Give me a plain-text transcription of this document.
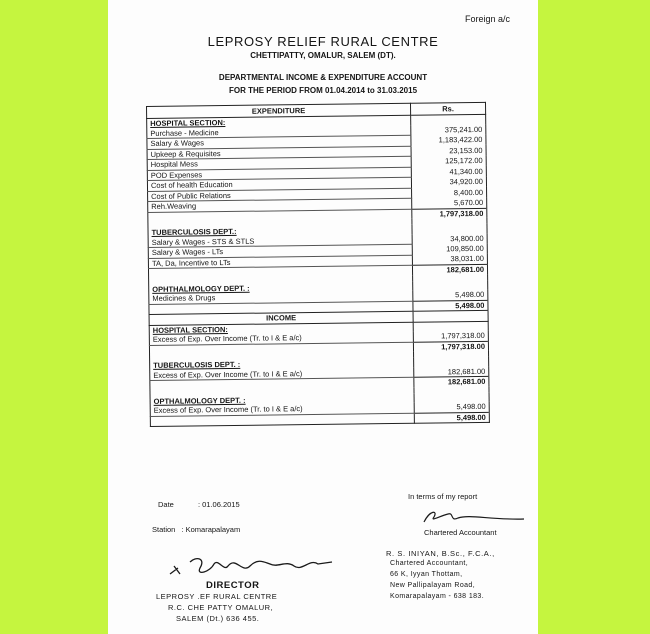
Foreign a/c
LEPROSY RELIEF RURAL CENTRE
CHETTIPATTY, OMALUR, SALEM (DT).
DEPARTMENTAL INCOME & EXPENDITURE ACCOUNT
FOR THE PERIOD FROM 01.04.2014 to 31.03.2015
EXPENDITURE	Rs.
HOSPITAL SECTION:	
Purchase - Medicine	375,241.00
Salary & Wages	1,183,422.00
Upkeep & Requisites	23,153.00
Hospital Mess	125,172.00
POD Expenses	41,340.00
Cost of health Education	34,920.00
Cost of Public Relations	8,400.00
Reh.Weaving	5,670.00
	1,797,318.00

TUBERCULOSIS DEPT.:	
Salary & Wages - STS & STLS	34,800.00
Salary & Wages - LTs	109,850.00
TA, Da, Incentive to LTs	38,031.00
	182,681.00

OPHTHALMOLOGY DEPT. :	
Medicines & Drugs	5,498.00
	5,498.00
INCOME	
HOSPITAL SECTION:	
Excess of Exp. Over Income (Tr. to I & E a/c)	1,797,318.00
	1,797,318.00

TUBERCULOSIS DEPT. :	
Excess of Exp. Over Income (Tr. to I & E a/c)	182,681.00
	182,681.00

OPTHALMOLOGY DEPT. :	
Excess of Exp. Over Income (Tr. to I & E a/c)	5,498.00
	5,498.00
In terms of my report
Date	: 01.06.2015
Station : Komarapalayam	Chartered Accountant
R. S. INIYAN, B.Sc., F.C.A.,
Chartered Accountant,
66 K, Iyyan Thottam,
New Pallipalayam Road,
Komarapalayam - 638 183.
DIRECTOR
LEPROSY .EF RURAL CENTRE
R.C. CHE PATTY OMALUR,
SALEM (Dt.) 636 455.
